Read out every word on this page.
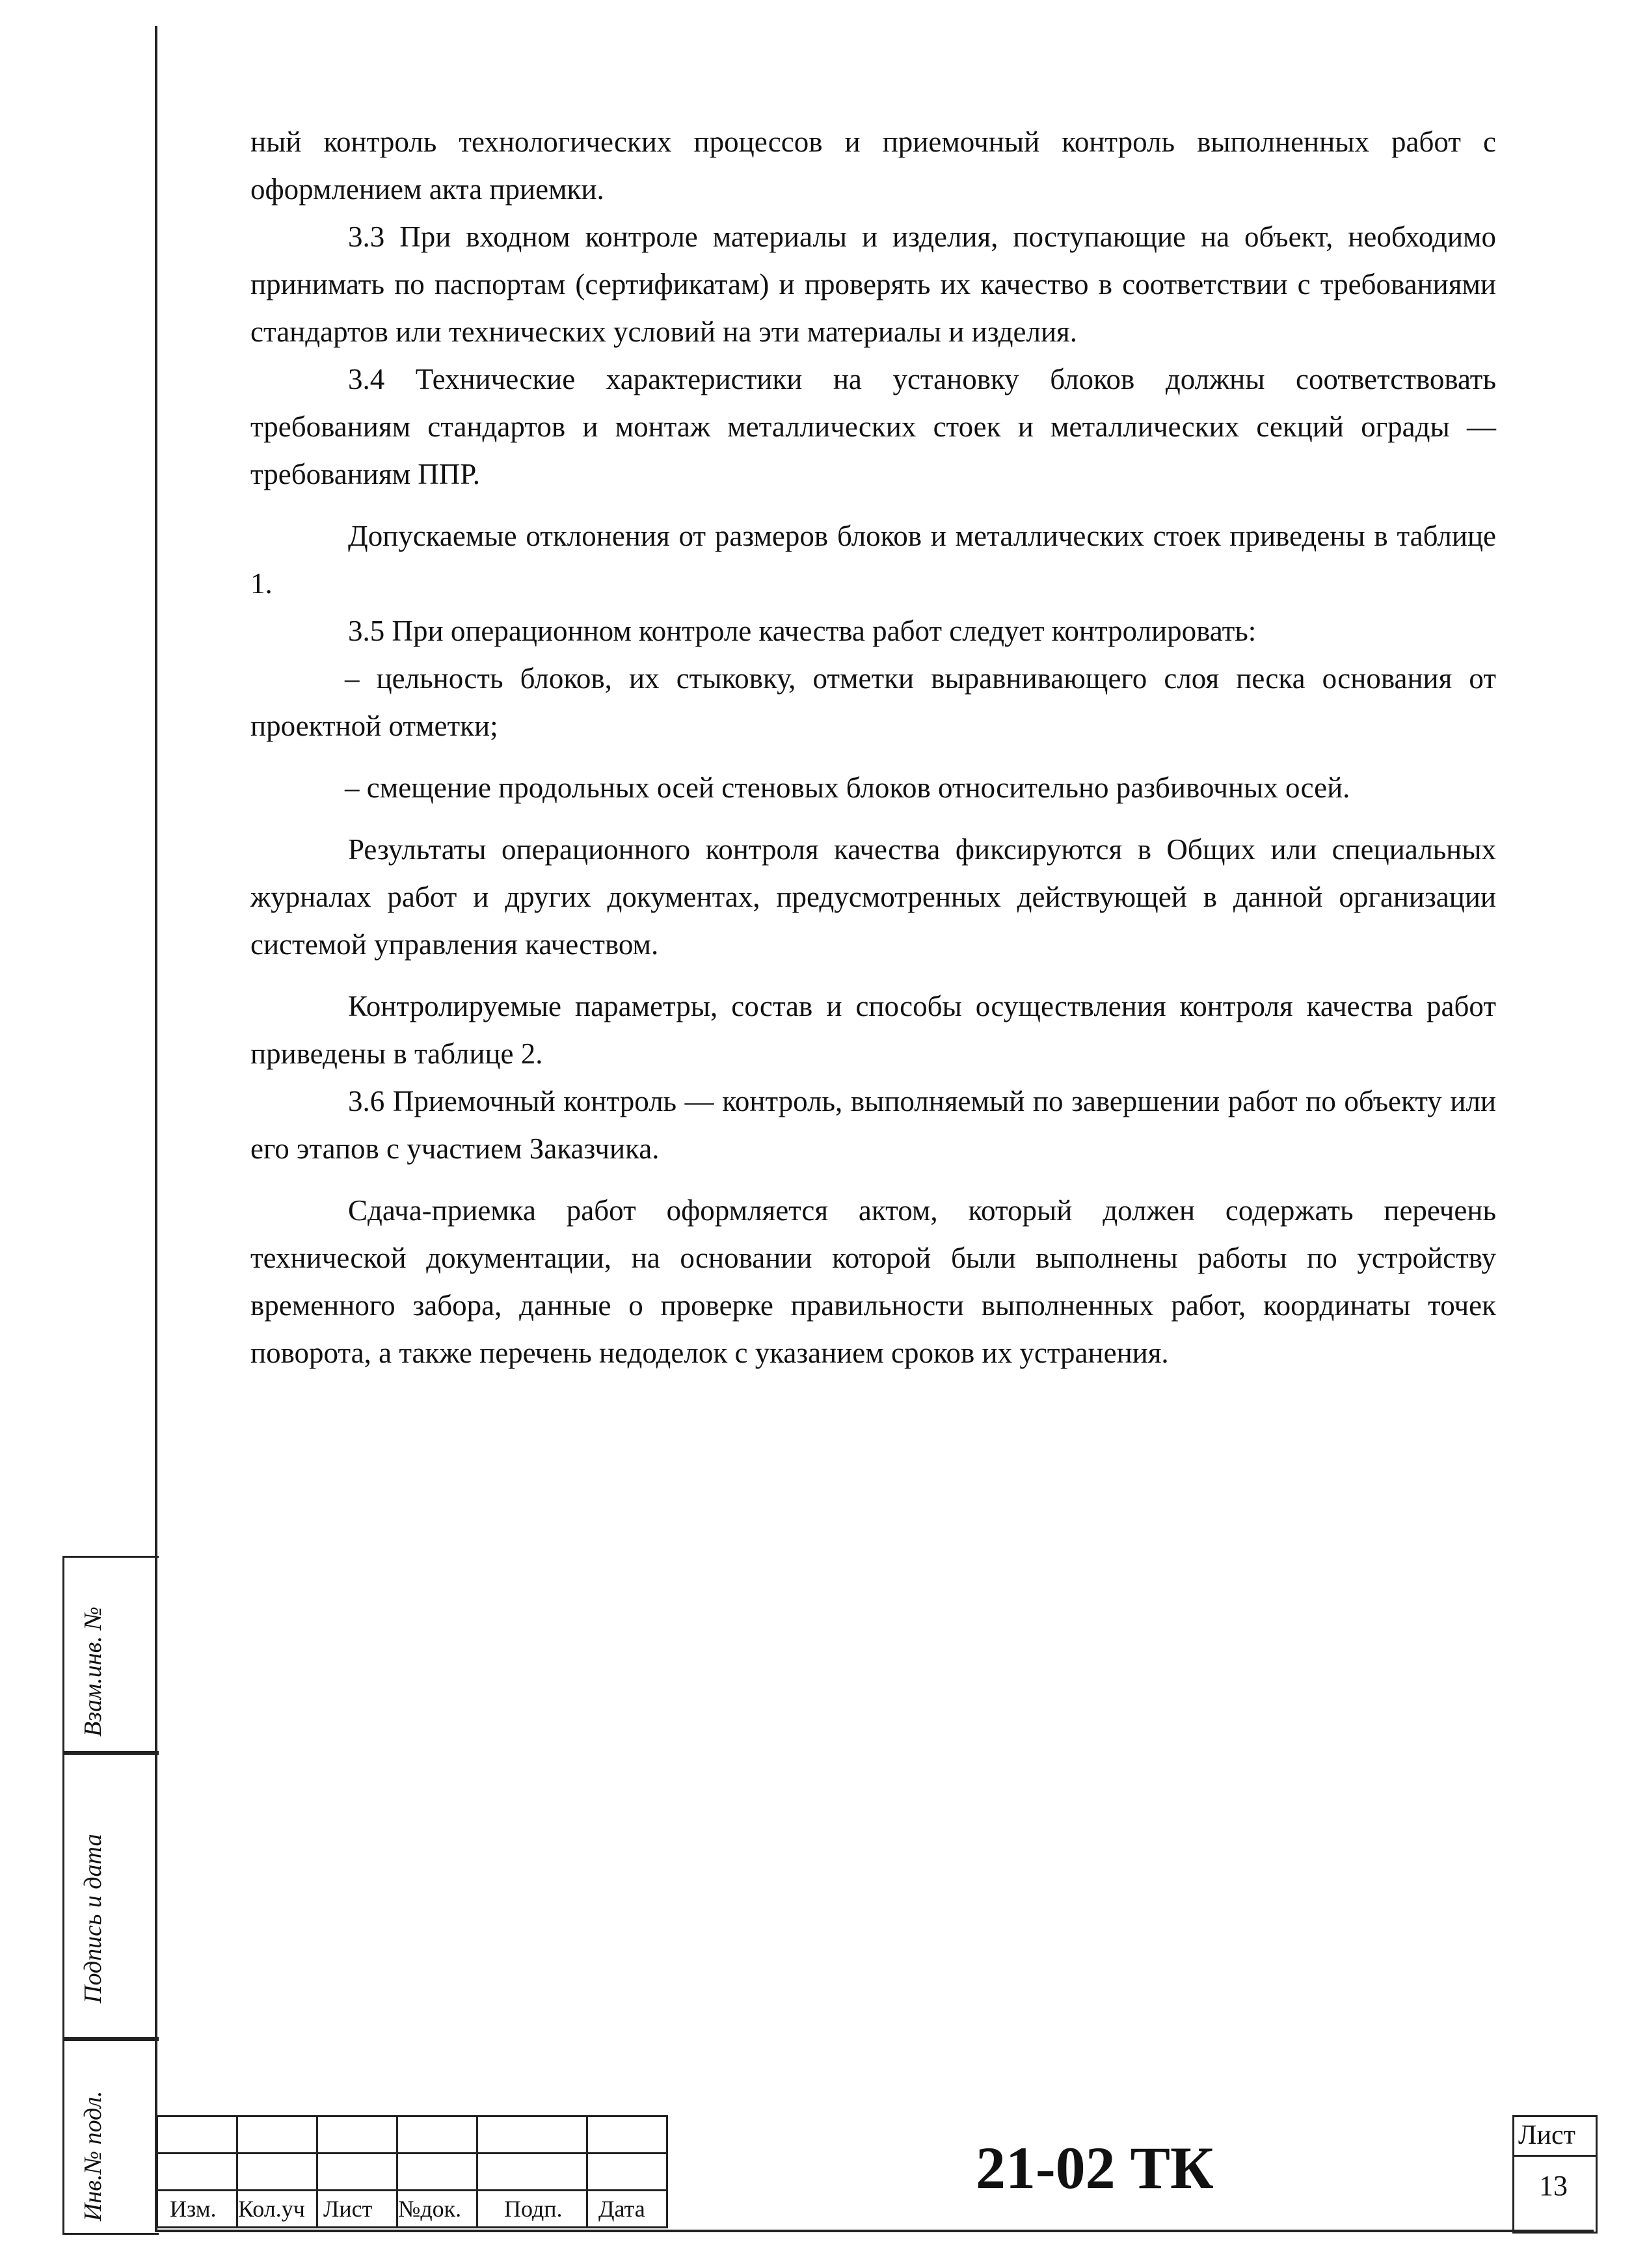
ный контроль технологических процессов и приемочный контроль выполненных работ с оформлением акта приемки.

3.3 При входном контроле материалы и изделия, поступающие на объект, необходимо принимать по паспортам (сертификатам) и проверять их качество в соответствии с требованиями стандартов или технических условий на эти материалы и изделия.

3.4 Технические характеристики на установку блоков должны соответствовать требованиям стандартов и монтаж металлических стоек и металлических секций ограды — требованиям ППР.

Допускаемые отклонения от размеров блоков и металлических стоек приведены в таблице 1.

3.5 При операционном контроле качества работ следует контролировать:

– цельность блоков, их стыковку, отметки выравнивающего слоя песка основания от проектной отметки;

– смещение продольных осей стеновых блоков относительно разбивочных осей.

Результаты операционного контроля качества фиксируются в Общих или специальных журналах работ и других документах, предусмотренных действующей в данной организации системой управления качеством.

Контролируемые параметры, состав и способы осуществления контроля качества работ приведены в таблице 2.

3.6 Приемочный контроль — контроль, выполняемый по завершении работ по объекту или его этапов с участием Заказчика.

Сдача-приемка работ оформляется актом, который должен содержать перечень технической документации, на основании которой были выполнены работы по устройству временного забора, данные о проверке правильности выполненных работ, координаты точек поворота, а также перечень недоделок с указанием сроков их устранения.

Взам.инв. №
Подпись и дата
Инв.№ подл.

						Изм.	Кол.уч	Лист	№док.	Подп.	Дата
21-02 ТК	Лист
13
